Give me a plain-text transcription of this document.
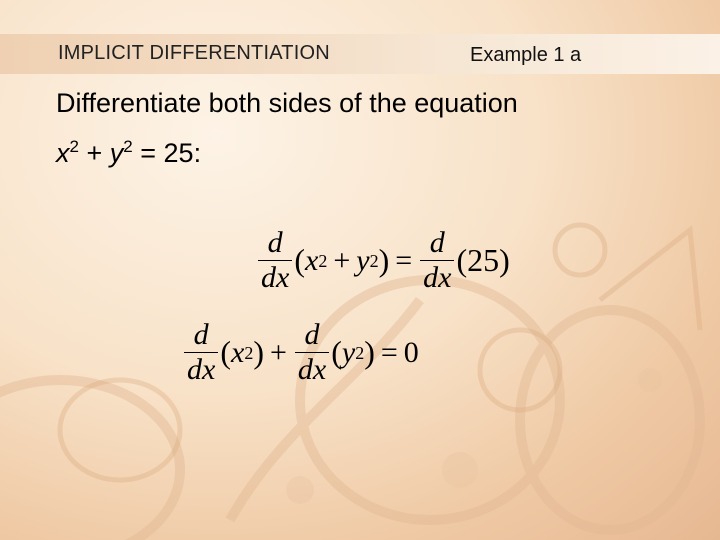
IMPLICIT DIFFERENTIATION	Example 1 a
Differentiate both sides of the equation
$x^2 + y^2 = 25$:
$\frac{d}{dx}$ ( x 2 + y 2 ) = $\frac{d}{dx} (25)$
$\frac{d}{dx}$ ( x 2 ) + $\frac{d}{dx}$ ( y 2 ) = 0
